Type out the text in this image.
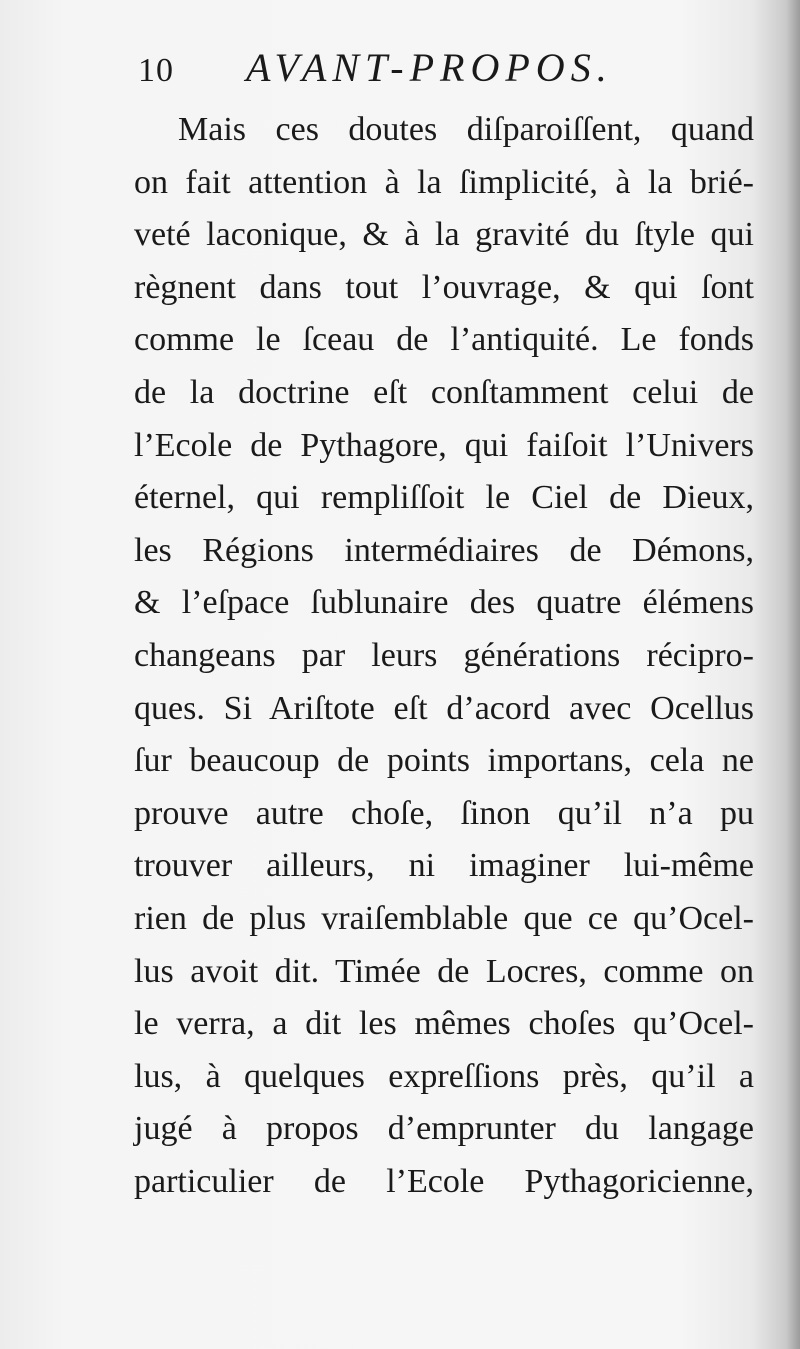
10 AVANT-PROPOS.
Mais ces doutes diſparoiſſent, quand
on fait attention à la ſimplicité, à la brié-
veté laconique, & à la gravité du ſtyle qui
règnent dans tout l’ouvrage, & qui ſont
comme le ſceau de l’antiquité. Le fonds
de la doctrine eſt conſtamment celui de
l’Ecole de Pythagore, qui faiſoit l’Univers
éternel, qui rempliſſoit le Ciel de Dieux,
les Régions intermédiaires de Démons,
& l’eſpace ſublunaire des quatre élémens
changeans par leurs générations récipro-
ques. Si Ariſtote eſt d’acord avec Ocellus
ſur beaucoup de points importans, cela ne
prouve autre choſe, ſinon qu’il n’a pu
trouver ailleurs, ni imaginer lui-même
rien de plus vraiſemblable que ce qu’Ocel-
lus avoit dit. Timée de Locres, comme on
le verra, a dit les mêmes choſes qu’Ocel-
lus, à quelques expreſſions près, qu’il a
jugé à propos d’emprunter du langage
particulier de l’Ecole Pythagoricienne,
